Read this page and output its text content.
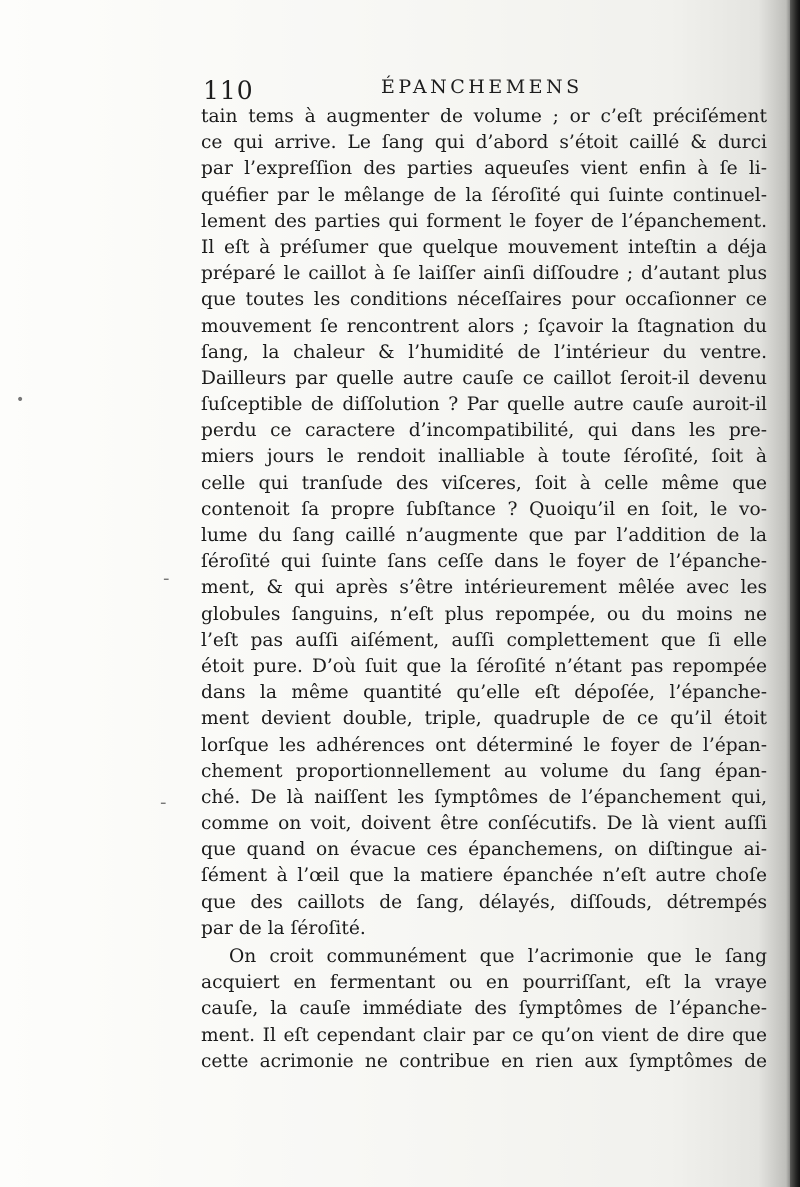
110	ÉPANCHEMENS
tain tems à augmenter de volume ; or c’eſt préciſément
ce qui arrive. Le ſang qui d’abord s’étoit caillé & durci
par l’expreſſion des parties aqueuſes vient enfin à ſe li-
quéfier par le mêlange de la ſéroſité qui ſuinte continuel-
lement des parties qui forment le foyer de l’épanchement.
Il eſt à préſumer que quelque mouvement inteſtin a déja
préparé le caillot à ſe laiſſer ainſi diſſoudre ; d’autant plus
que toutes les conditions néceſſaires pour occaſionner ce
mouvement ſe rencontrent alors ; ſçavoir la ſtagnation du
ſang, la chaleur & l’humidité de l’intérieur du ventre.
Dailleurs par quelle autre cauſe ce caillot ſeroit-il devenu
ſuſceptible de diſſolution ? Par quelle autre cauſe auroit-il
perdu ce caractere d’incompatibilité, qui dans les pre-
miers jours le rendoit inalliable à toute ſéroſité, ſoit à
celle qui tranſude des viſceres, ſoit à celle même que
contenoit ſa propre ſubſtance ? Quoiqu’il en ſoit, le vo-
lume du ſang caillé n’augmente que par l’addition de la
ſéroſité qui ſuinte ſans ceſſe dans le foyer de l’épanche-
ment, & qui après s’être intérieurement mêlée avec les
globules ſanguins, n’eſt plus repompée, ou du moins ne
l’eſt pas auſſi aiſément, auſſi complettement que ſi elle
étoit pure. D’où ſuit que la ſéroſité n’étant pas repompée
dans la même quantité qu’elle eſt dépoſée, l’épanche-
ment devient double, triple, quadruple de ce qu’il étoit
lorſque les adhérences ont déterminé le foyer de l’épan-
chement proportionnellement au volume du ſang épan-
ché. De là naiſſent les ſymptômes de l’épanchement qui,
comme on voit, doivent être conſécutifs. De là vient auſſi
que quand on évacue ces épanchemens, on diſtingue ai-
ſément à l’œil que la matiere épanchée n’eſt autre choſe
que des caillots de ſang, délayés, diſſouds, détrempés
par de la ſéroſité.
On croit communément que l’acrimonie que le ſang
acquiert en fermentant ou en pourriſſant, eſt la vraye
cauſe, la cauſe immédiate des ſymptômes de l’épanche-
ment. Il eſt cependant clair par ce qu’on vient de dire que
cette acrimonie ne contribue en rien aux ſymptômes de
•
‐
‐
